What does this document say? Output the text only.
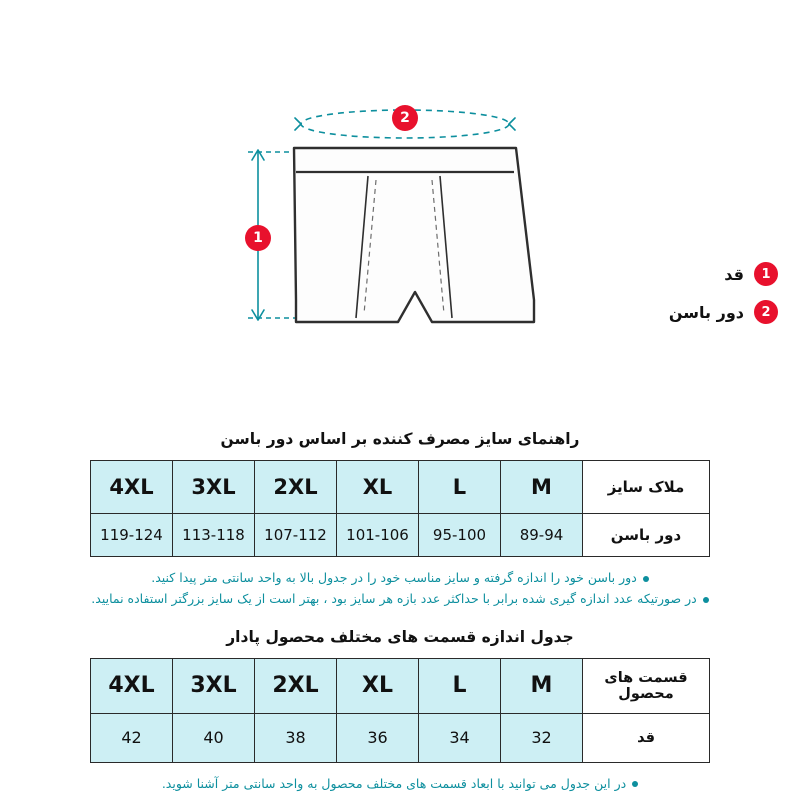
1
2
1
قد
2
دور باسن
راهنمای سایز مصرف کننده بر اساس دور باسن
ملاک سایز	M	L	XL	2XL	3XL	4XL
دور باسن	89-94	95-100	101-106	107-112	113-118	119-124
دور باسن خود را اندازه گرفته و سایز مناسب خود را در جدول بالا به واحد سانتی متر پیدا کنید.
در صورتیکه عدد اندازه گیری شده برابر با حداکثر عدد بازه هر سایز بود ، بهتر است از یک سایز بزرگتر استفاده نمایید.
جدول اندازه قسمت های مختلف محصول پادار
قسمت های محصول	M	L	XL	2XL	3XL	4XL
قد	32	34	36	38	40	42
در این جدول می توانید با ابعاد قسمت های مختلف محصول به واحد سانتی متر آشنا شوید.
